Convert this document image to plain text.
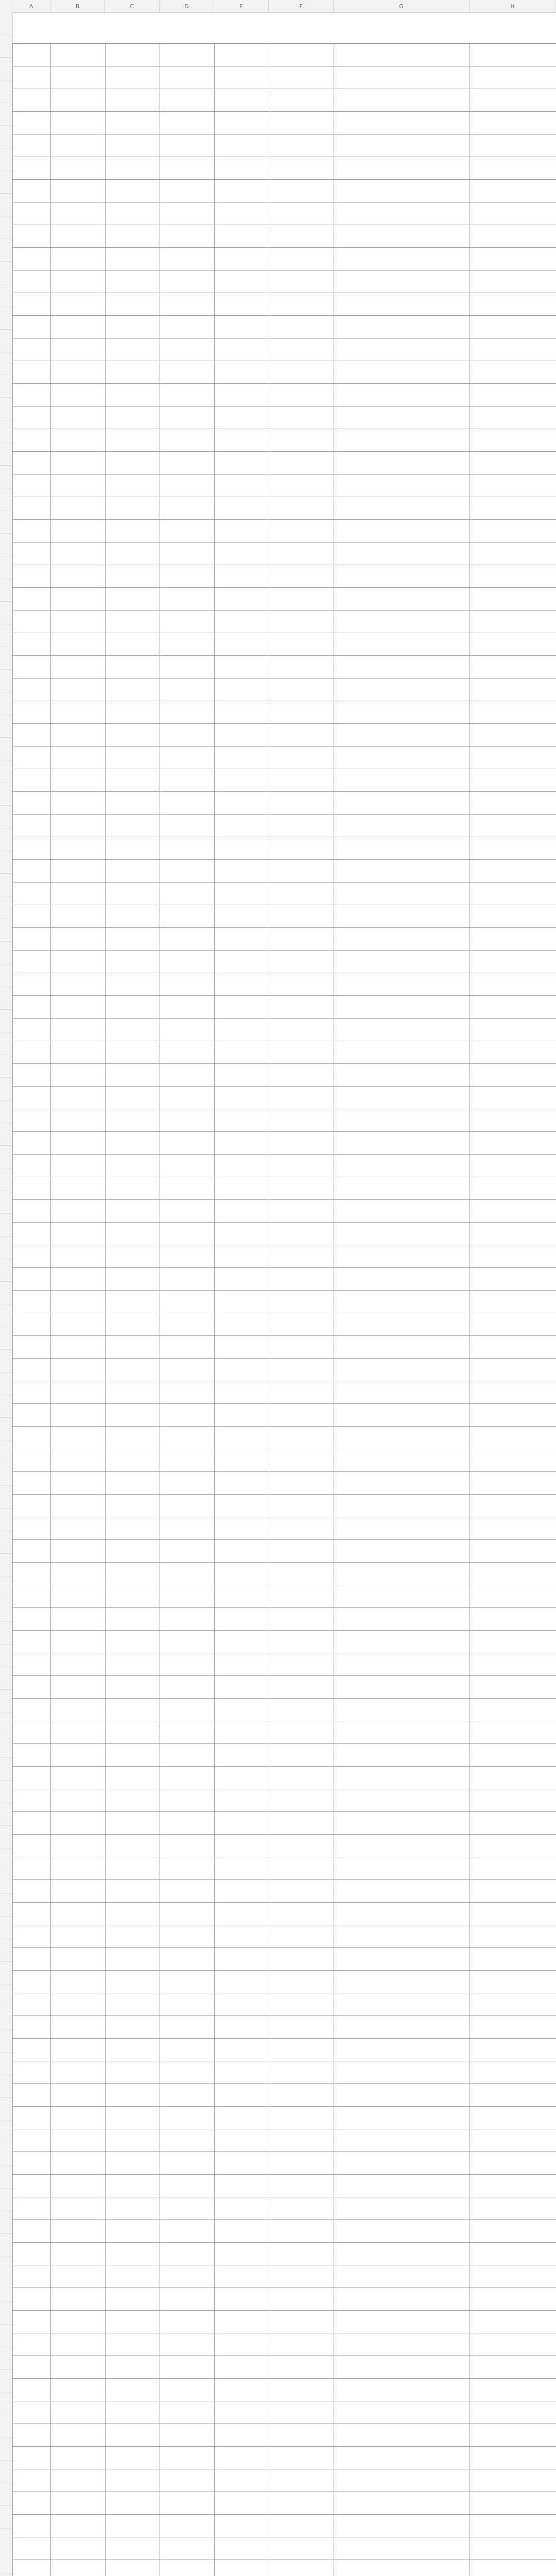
A	B	C	D	E	F	G	H
